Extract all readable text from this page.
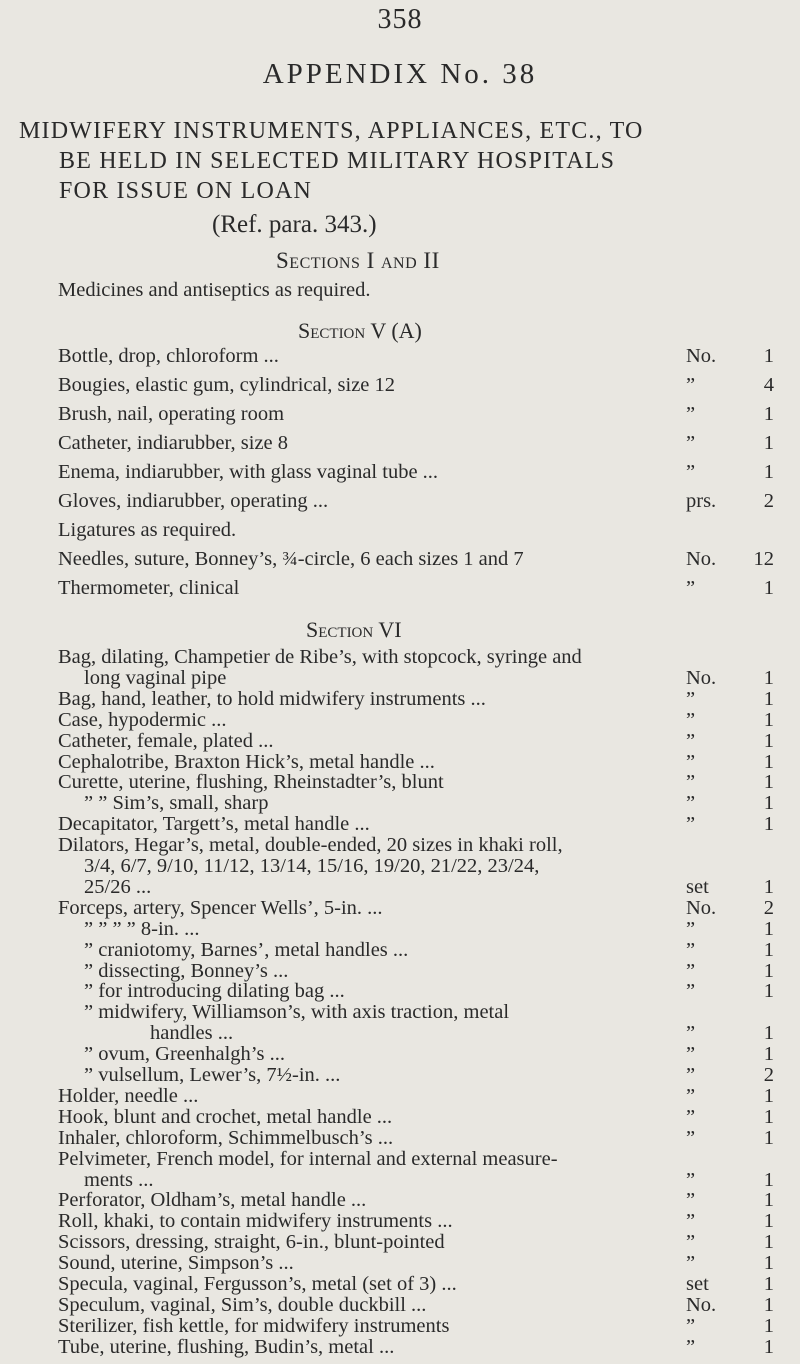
358
APPENDIX No. 38
MIDWIFERY INSTRUMENTS, APPLIANCES, ETC., TO
BE HELD IN SELECTED MILITARY HOSPITALS
FOR ISSUE ON LOAN
(Ref. para. 343.)
Sections I and II
Medicines and antiseptics as required.
Section V (A)
Bottle, drop, chloroform ...	No.	1
Bougies, elastic gum, cylindrical, size 12	”	4
Brush, nail, operating room	”	1
Catheter, indiarubber, size 8	”	1
Enema, indiarubber, with glass vaginal tube ...	”	1
Gloves, indiarubber, operating ...	prs.	2
Ligatures as required.
Needles, suture, Bonney’s, ¾-circle, 6 each sizes 1 and 7	No. 12
Thermometer, clinical	”	1
Section VI
Bag, dilating, Champetier de Ribe’s, with stopcock, syringe and
long vaginal pipe	No.	1
Bag, hand, leather, to hold midwifery instruments ...	”	1
Case, hypodermic ...	”	1
Catheter, female, plated ...	”	1
Cephalotribe, Braxton Hick’s, metal handle ...	”	1
Curette, uterine, flushing, Rheinstadter’s, blunt	”	1
” ” Sim’s, small, sharp	”	1
Decapitator, Targett’s, metal handle ...	”	1
Dilators, Hegar’s, metal, double-ended, 20 sizes in khaki roll,
3/4, 6/7, 9/10, 11/12, 13/14, 15/16, 19/20, 21/22, 23/24,
25/26 ...	set	1
Forceps, artery, Spencer Wells’, 5-in. ...	No.	2
” ” ” ” 8-in. ...	”	1
” craniotomy, Barnes’, metal handles ...	”	1
” dissecting, Bonney’s ...	”	1
” for introducing dilating bag ...	”	1
” midwifery, Williamson’s, with axis traction, metal
handles ...	”	1
” ovum, Greenhalgh’s ...	”	1
” vulsellum, Lewer’s, 7½-in. ...	”	2
Holder, needle ...	”	1
Hook, blunt and crochet, metal handle ...	”	1
Inhaler, chloroform, Schimmelbusch’s ...	”	1
Pelvimeter, French model, for internal and external measure-
ments ...	”	1
Perforator, Oldham’s, metal handle ...	”	1
Roll, khaki, to contain midwifery instruments ...	”	1
Scissors, dressing, straight, 6-in., blunt-pointed	”	1
Sound, uterine, Simpson’s ...	”	1
Specula, vaginal, Fergusson’s, metal (set of 3) ...	set	1
Speculum, vaginal, Sim’s, double duckbill ...	No.	1
Sterilizer, fish kettle, for midwifery instruments	”	1
Tube, uterine, flushing, Budin’s, metal ...	”	1
